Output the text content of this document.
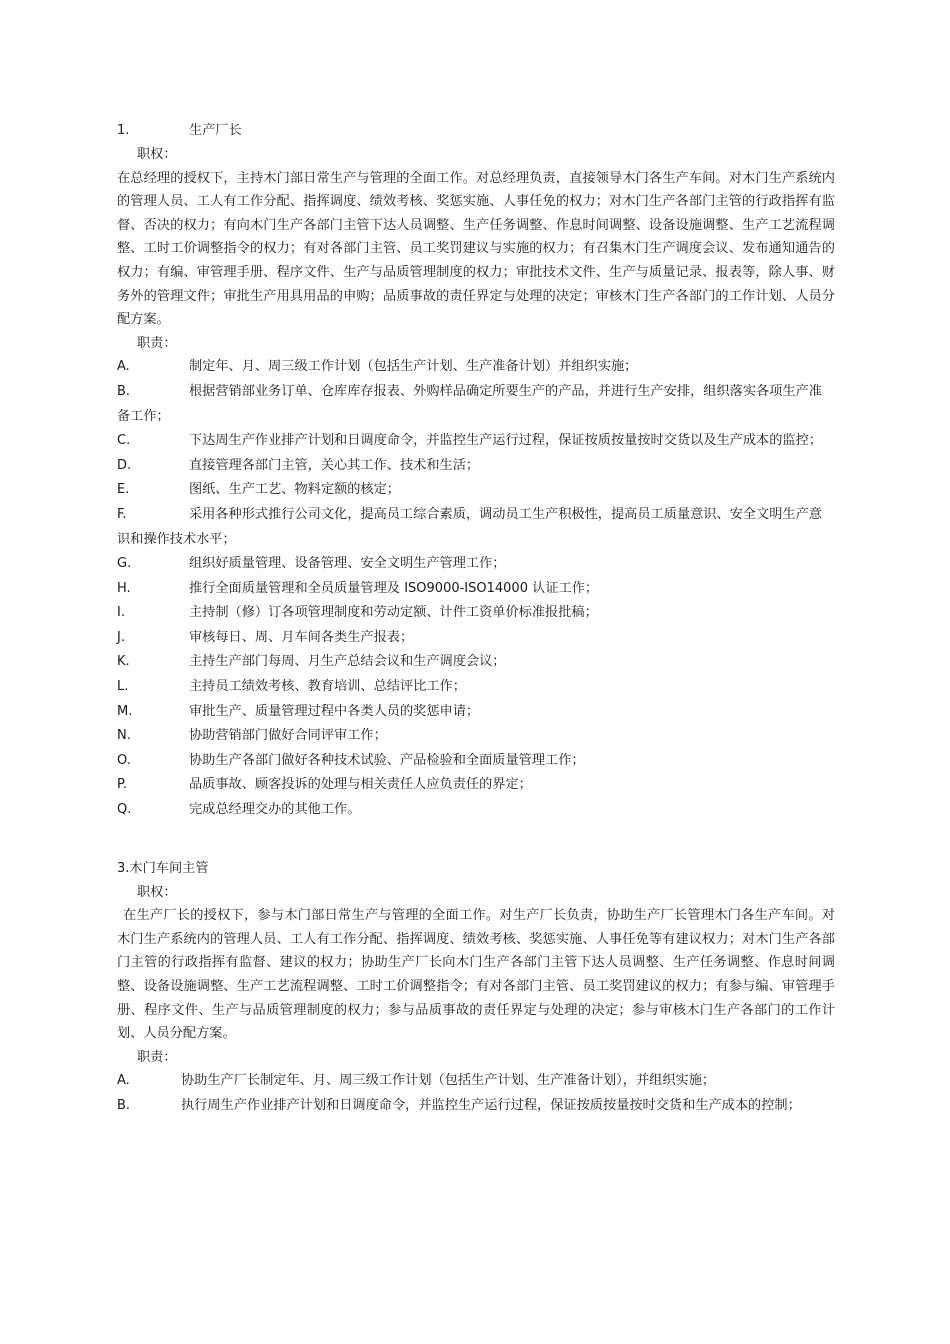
1.	生产厂长
职权：
在总经理的授权下，主持木门部日常生产与管理的全面工作。对总经理负责，直接领导木门各生产车间。对木门生产系统内的管理人员、工人有工作分配、指挥调度、绩效考核、奖惩实施、人事任免的权力；对木门生产各部门主管的行政指挥有监督、否决的权力；有向木门生产各部门主管下达人员调整、生产任务调整、作息时间调整、设备设施调整、生产工艺流程调整、工时工价调整指令的权力；有对各部门主管、员工奖罚建议与实施的权力；有召集木门生产调度会议、发布通知通告的权力；有编、审管理手册、程序文件、生产与品质管理制度的权力；审批技术文件、生产与质量记录、报表等，除人事、财务外的管理文件；审批生产用具用品的申购；品质事故的责任界定与处理的决定；审核木门生产各部门的工作计划、人员分配方案。
职责：
A.	制定年、月、周三级工作计划（包括生产计划、生产准备计划）并组织实施；
B.	根据营销部业务订单、仓库库存报表、外购样品确定所要生产的产品，并进行生产安排，组织落实各项生产准备工作；
C.	下达周生产作业排产计划和日调度命令，并监控生产运行过程，保证按质按量按时交货以及生产成本的监控；
D.	直接管理各部门主管，关心其工作、技术和生活；
E.	图纸、生产工艺、物料定额的核定；
F.	采用各种形式推行公司文化，提高员工综合素质，调动员工生产积极性，提高员工质量意识、安全文明生产意识和操作技术水平；
G.	组织好质量管理、设备管理、安全文明生产管理工作；
H.	推行全面质量管理和全员质量管理及 ISO9000-ISO14000 认证工作；
I.	主持制（修）订各项管理制度和劳动定额、计件工资单价标准报批稿；
J.	审核每日、周、月车间各类生产报表；
K.	主持生产部门每周、月生产总结会议和生产调度会议；
L.	主持员工绩效考核、教育培训、总结评比工作；
M.	审批生产、质量管理过程中各类人员的奖惩申请；
N.	协助营销部门做好合同评审工作；
O.	协助生产各部门做好各种技术试验、产品检验和全面质量管理工作；
P.	品质事故、顾客投诉的处理与相关责任人应负责任的界定；
Q.	完成总经理交办的其他工作。
3.木门车间主管
职权：
在生产厂长的授权下，参与木门部日常生产与管理的全面工作。对生产厂长负责，协助生产厂长管理木门各生产车间。对木门生产系统内的管理人员、工人有工作分配、指挥调度、绩效考核、奖惩实施、人事任免等有建议权力；对木门生产各部门主管的行政指挥有监督、建议的权力；协助生产厂长向木门生产各部门主管下达人员调整、生产任务调整、作息时间调整、设备设施调整、生产工艺流程调整、工时工价调整指令；有对各部门主管、员工奖罚建议的权力；有参与编、审管理手册、程序文件、生产与品质管理制度的权力；参与品质事故的责任界定与处理的决定；参与审核木门生产各部门的工作计划、人员分配方案。
职责：
A.	协助生产厂长制定年、月、周三级工作计划（包括生产计划、生产准备计划），并组织实施；
B.	执行周生产作业排产计划和日调度命令，并监控生产运行过程，保证按质按量按时交货和生产成本的控制；
